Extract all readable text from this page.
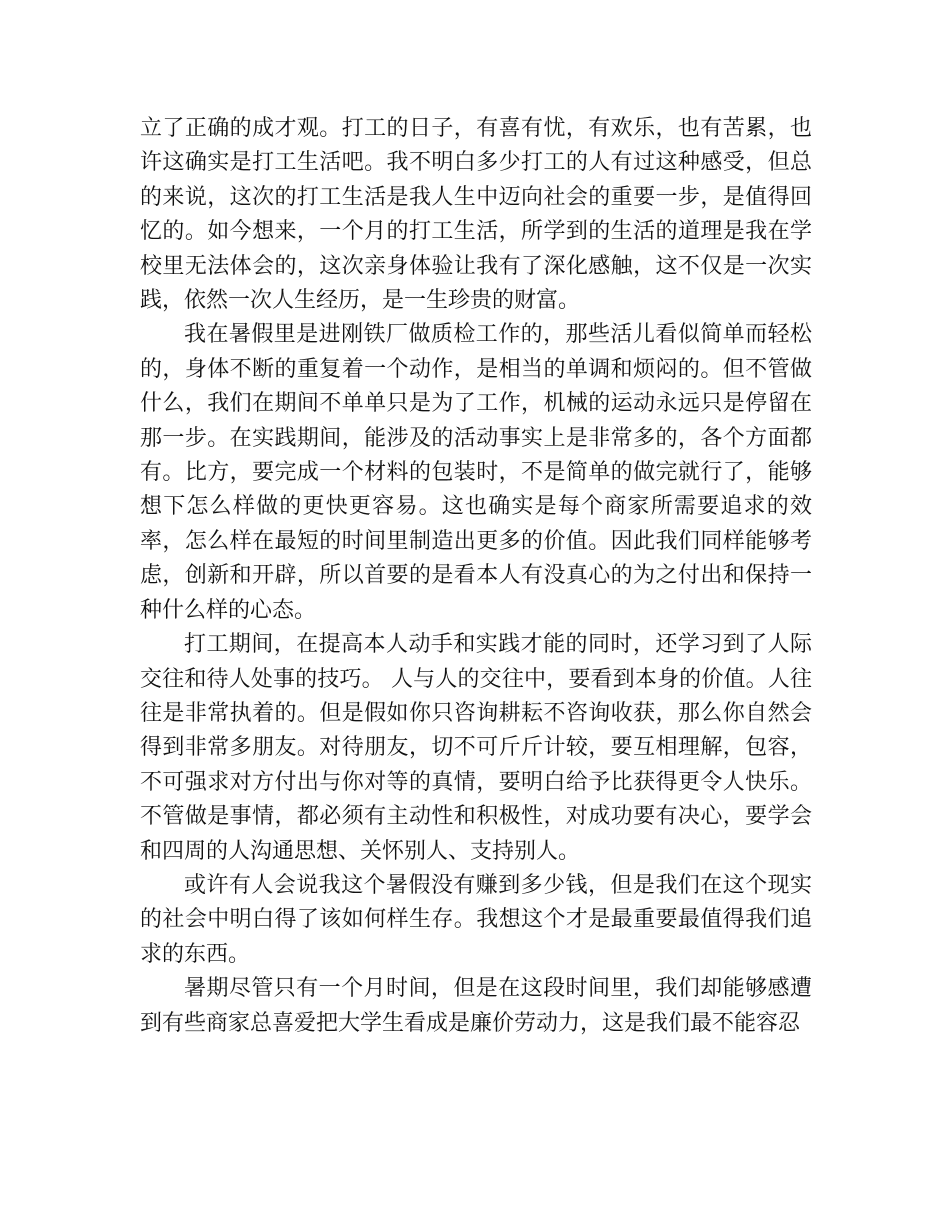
立了正确的成才观。打工的日子，有喜有忧，有欢乐，也有苦累，也许这确实是打工生活吧。我不明白多少打工的人有过这种感受，但总的来说，这次的打工生活是我人生中迈向社会的重要一步，是值得回忆的。如今想来，一个月的打工生活，所学到的生活的道理是我在学校里无法体会的，这次亲身体验让我有了深化感触，这不仅是一次实践，依然一次人生经历，是一生珍贵的财富。

我在暑假里是进刚铁厂做质检工作的，那些活儿看似简单而轻松的，身体不断的重复着一个动作，是相当的单调和烦闷的。但不管做什么，我们在期间不单单只是为了工作，机械的运动永远只是停留在那一步。在实践期间，能涉及的活动事实上是非常多的，各个方面都有。比方，要完成一个材料的包装时，不是简单的做完就行了，能够想下怎么样做的更快更容易。这也确实是每个商家所需要追求的效率，怎么样在最短的时间里制造出更多的价值。因此我们同样能够考虑，创新和开辟，所以首要的是看本人有没真心的为之付出和保持一种什么样的心态。

打工期间，在提高本人动手和实践才能的同时，还学习到了人际交往和待人处事的技巧。 人与人的交往中，要看到本身的价值。人往往是非常执着的。但是假如你只咨询耕耘不咨询收获，那么你自然会得到非常多朋友。对待朋友，切不可斤斤计较，要互相理解，包容，不可强求对方付出与你对等的真情，要明白给予比获得更令人快乐。不管做是事情，都必须有主动性和积极性，对成功要有决心，要学会和四周的人沟通思想、关怀别人、支持别人。

或许有人会说我这个暑假没有赚到多少钱，但是我们在这个现实的社会中明白得了该如何样生存。我想这个才是最重要最值得我们追求的东西。

暑期尽管只有一个月时间，但是在这段时间里，我们却能够感遭到有些商家总喜爱把大学生看成是廉价劳动力，这是我们最不能容忍
